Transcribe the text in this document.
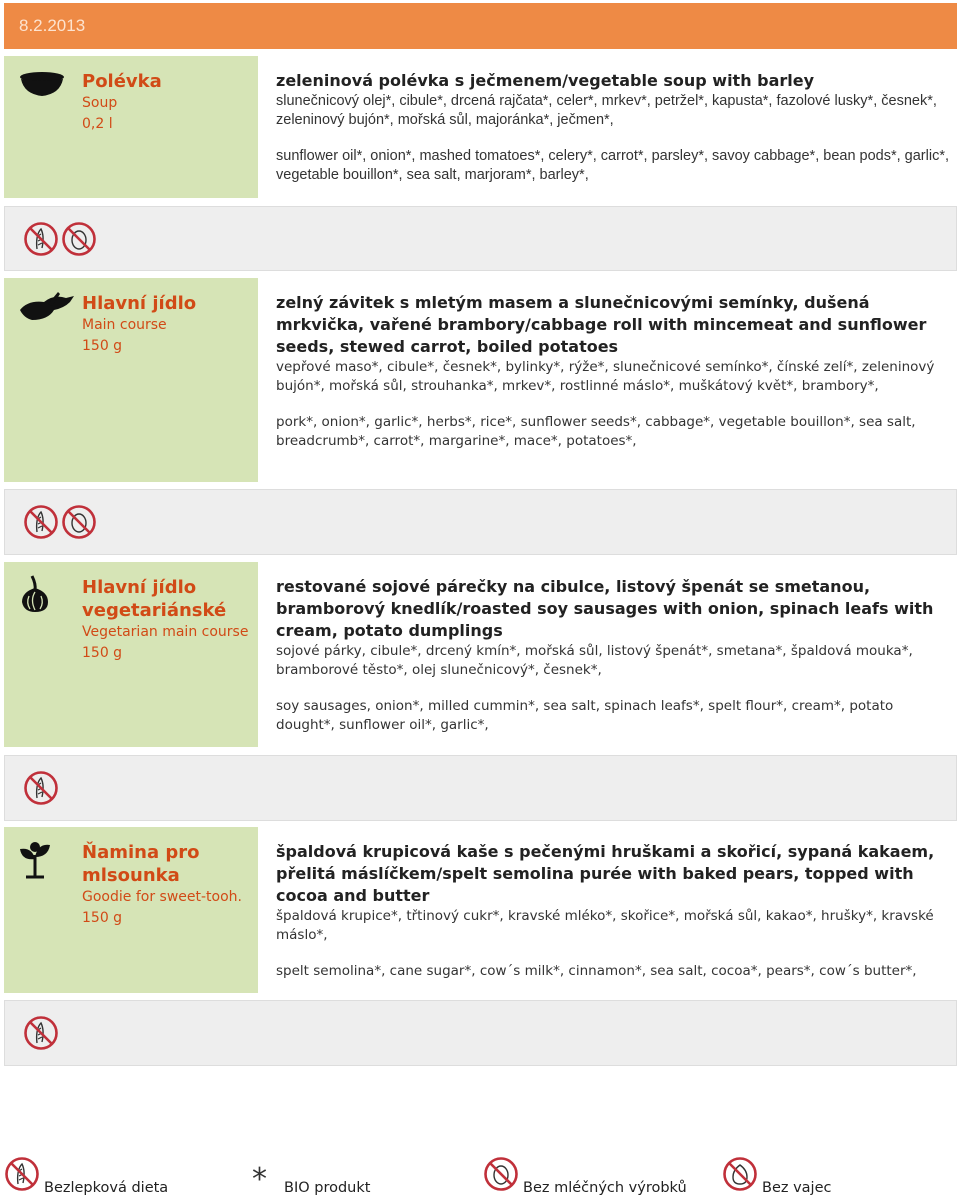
8.2.2013
Polévka
Soup
0,2 l
zeleninová polévka s ječmenem/vegetable soup with barley
slunečnicový olej*, cibule*, drcená rajčata*, celer*, mrkev*, petržel*, kapusta*, fazolové lusky*, česnek*, zeleninový bujón*, mořská sůl, majoránka*, ječmen*,
sunflower oil*, onion*, mashed tomatoes*, celery*, carrot*, parsley*, savoy cabbage*, bean pods*, garlic*, vegetable bouillon*, sea salt, marjoram*, barley*,
Hlavní jídlo
Main course
150 g
zelný závitek s mletým masem a slunečnicovými semínky, dušená mrkvička, vařené brambory/cabbage roll with mincemeat and sunflower seeds, stewed carrot, boiled potatoes
vepřové maso*, cibule*, česnek*, bylinky*, rýže*, slunečnicové semínko*, čínské zelí*, zeleninový bujón*, mořská sůl, strouhanka*, mrkev*, rostlinné máslo*, muškátový květ*, brambory*,
pork*, onion*, garlic*, herbs*, rice*, sunflower seeds*, cabbage*, vegetable bouillon*, sea salt, breadcrumb*, carrot*, margarine*, mace*, potatoes*,
Hlavní jídlo
vegetariánské
Vegetarian main course
150 g
restované sojové párečky na cibulce, listový špenát se smetanou, bramborový knedlík/roasted soy sausages with onion, spinach leafs with cream, potato dumplings
sojové párky, cibule*, drcený kmín*, mořská sůl, listový špenát*, smetana*, špaldová mouka*, bramborové těsto*, olej slunečnicový*, česnek*,
soy sausages, onion*, milled cummin*, sea salt, spinach leafs*, spelt flour*, cream*, potato dought*, sunflower oil*, garlic*,
Ňamina pro
mlsounka
Goodie for sweet-tooh.
150 g
špaldová krupicová kaše s pečenými hruškami a skořicí, sypaná kakaem, přelitá máslíčkem/spelt semolina purée with baked pears, topped with cocoa and butter
špaldová krupice*, třtinový cukr*, kravské mléko*, skořice*, mořská sůl, kakao*, hrušky*, kravské máslo*,
spelt semolina*, cane sugar*, cow´s milk*, cinnamon*, sea salt, cocoa*, pears*, cow´s butter*,
Bezlepková dieta	* BIO produkt	Bez mléčných výrobků	Bez vajec
